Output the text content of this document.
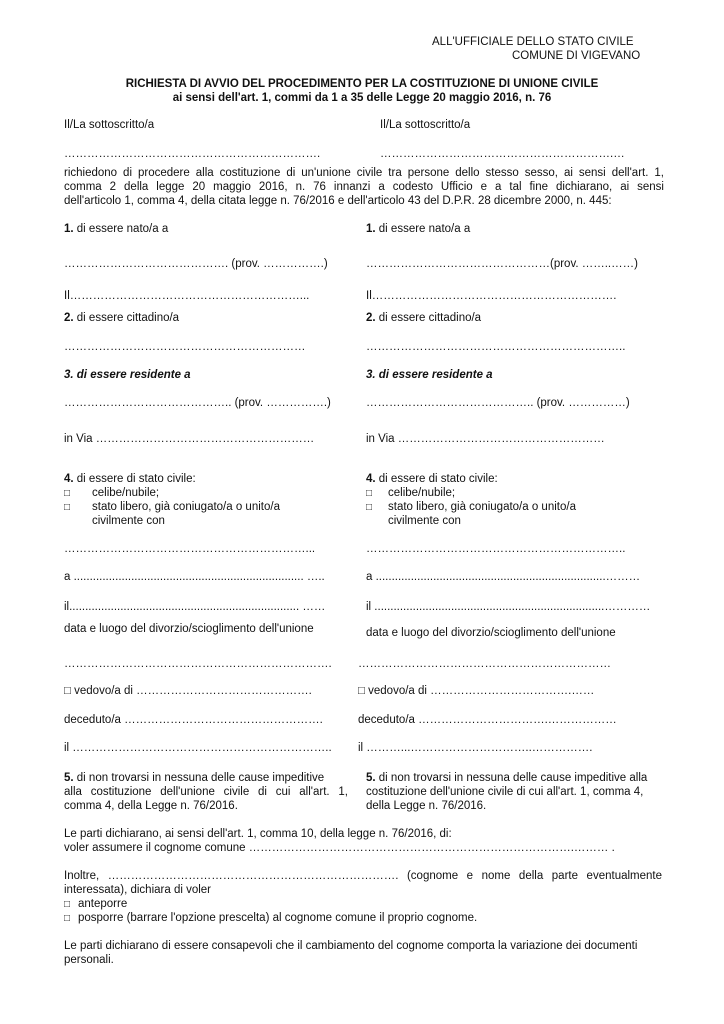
ALL'UFFICIALE DELLO STATO CIVILE
COMUNE DI VIGEVANO
RICHIESTA DI AVVIO DEL PROCEDIMENTO PER LA COSTITUZIONE DI UNIONE CIVILE
ai sensi dell'art. 1, commi da 1 a 35 delle Legge 20 maggio 2016, n. 76
Il/La sottoscritto/a	Il/La sottoscritto/a
………………………………………………………….	…………………………………………………….…
richiedono di procedere alla costituzione di un'unione civile tra persone dello stesso sesso, ai sensi dell'art. 1,
comma 2 della legge 20 maggio 2016, n. 76 innanzi a codesto Ufficio e a tal fine dichiarano, ai sensi
dell'articolo 1, comma 4, della citata legge n. 76/2016 e dell'articolo 43 del D.P.R. 28 dicembre 2000, n. 445:
1. di essere nato/a a
……………………………………. (prov. …………….)
Il……………………………………………………...
2. di essere cittadino/a
………………………………………………………
3. di essere residente a
…………………………………….. (prov. …………….)
in Via …………………………………………………
4. di essere di stato civile:
□ celibe/nubile;
□ stato libero, già coniugato/a o unito/a
civilmente con
………………………………………………………...
a ........................................................................ …..
il........................................................................ ……
data e luogo del divorzio/scioglimento dell'unione
…………………………………………………………….
□ vedovo/a di ……………………………………….
deceduto/a …………………………………………….
il …………………………………………………………..
5. di non trovarsi in nessuna delle cause impeditive
alla costituzione dell'unione civile di cui all'art. 1,
comma 4, della Legge n. 76/2016.
1. di essere nato/a a
…………………………………………(prov. ……..……)
Il……………………………………………………….
2. di essere cittadino/a
…………………………………………………………..
3. di essere residente a
…………………………………….. (prov. ……………)
in Via ………………………………………………
4. di essere di stato civile:
□ celibe/nubile;
□ stato libero, già coniugato/a o unito/a
civilmente con
…………………………………………………………..
a ........................................................................………
il ........................................................................…………
data e luogo del divorzio/scioglimento dell'unione
…………………………………………………………
□ vedovo/a di ……………………………….……
deceduto/a …………………………….………………
il ………...…………………………..…………….
5. di non trovarsi in nessuna delle cause impeditive alla
costituzione dell'unione civile di cui all'art. 1, comma 4,
della Legge n. 76/2016.
Le parti dichiarano, ai sensi dell'art. 1, comma 10, della legge n. 76/2016, di:
voler assumere il cognome comune ………………………………………………………………………….……… .
Inoltre, …………………………………………………………………. (cognome e nome della parte eventualmente
interessata), dichiara di voler
□ anteporre
□ posporre (barrare l'opzione prescelta) al cognome comune il proprio cognome.
Le parti dichiarano di essere consapevoli che il cambiamento del cognome comporta la variazione dei documenti
personali.
